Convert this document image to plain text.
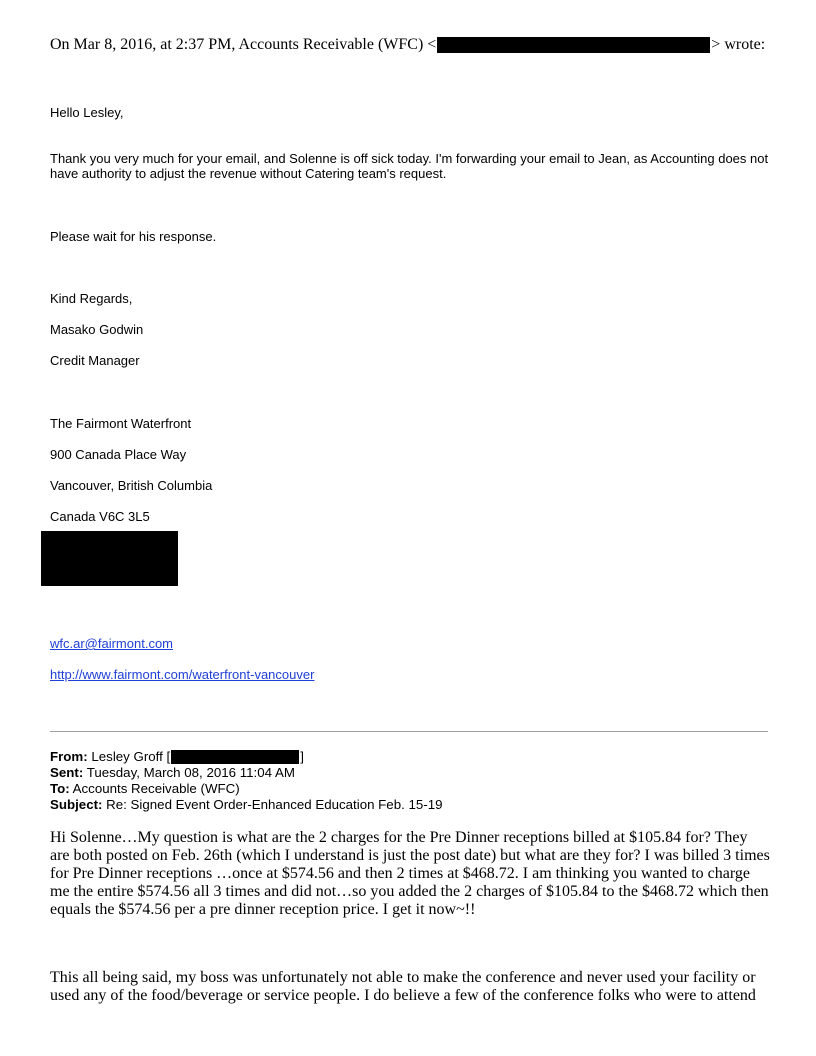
On Mar 8, 2016, at 2:37 PM, Accounts Receivable (WFC) <	> wrote:
Hello Lesley,
Thank you very much for your email, and Solenne is off sick today. I'm forwarding your email to Jean, as Accounting does not have authority to adjust the revenue without Catering team's request.
Please wait for his response.
Kind Regards,
Masako Godwin
Credit Manager
The Fairmont Waterfront
900 Canada Place Way
Vancouver, British Columbia
Canada V6C 3L5
wfc.ar@fairmont.com
http://www.fairmont.com/waterfront-vancouver
From: Lesley Groff [	]
Sent: Tuesday, March 08, 2016 11:04 AM
To: Accounts Receivable (WFC)
Subject: Re: Signed Event Order-Enhanced Education Feb. 15-19
Hi Solenne…My question is what are the 2 charges for the Pre Dinner receptions billed at $105.84 for? They are both posted on Feb. 26th (which I understand is just the post date) but what are they for? I was billed 3 times for Pre Dinner receptions …once at $574.56 and then 2 times at $468.72. I am thinking you wanted to charge me the entire $574.56 all 3 times and did not…so you added the 2 charges of $105.84 to the $468.72 which then equals the $574.56 per a pre dinner reception price. I get it now~!!
This all being said, my boss was unfortunately not able to make the conference and never used your facility or used any of the food/beverage or service people. I do believe a few of the conference folks who were to attend
